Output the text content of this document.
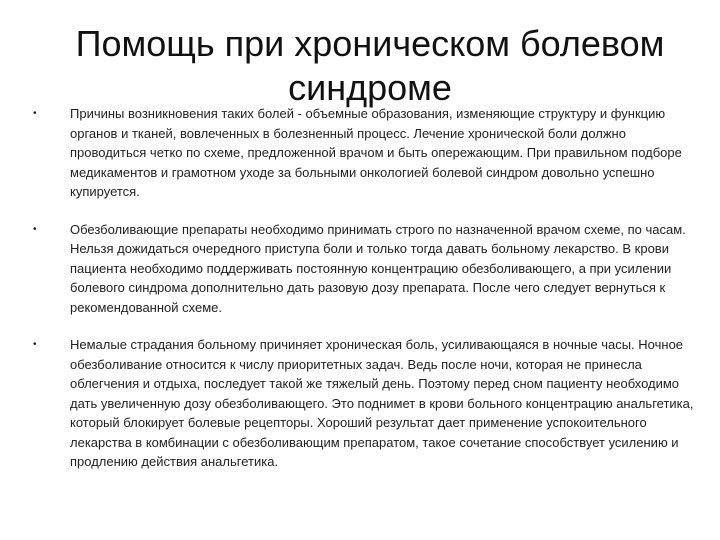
Помощь при хроническом болевом синдроме
•	Причины возникновения таких болей - объемные образования, изменяющие структуру и функцию органов и тканей, вовлеченных в болезненный процесс. Лечение хронической боли должно проводиться четко по схеме, предложенной врачом и быть опережающим. При правильном подборе медикаментов и грамотном уходе за больными онкологией болевой синдром довольно успешно купируется.
•	Обезболивающие препараты необходимо принимать строго по назначенной врачом схеме, по часам. Нельзя дожидаться очередного приступа боли и только тогда давать больному лекарство. В крови пациента необходимо поддерживать постоянную концентрацию обезболивающего, а при усилении болевого синдрома дополнительно дать разовую дозу препарата. После чего следует вернуться к рекомендованной схеме.
•	Немалые страдания больному причиняет хроническая боль, усиливающаяся в ночные часы. Ночное обезболивание относится к числу приоритетных задач. Ведь после ночи, которая не принесла облегчения и отдыха, последует такой же тяжелый день. Поэтому перед сном пациенту необходимо дать увеличенную дозу обезболивающего. Это поднимет в крови больного концентрацию анальгетика, который блокирует болевые рецепторы. Хороший результат дает применение успокоительного лекарства в комбинации с обезболивающим препаратом, такое сочетание способствует усилению и продлению действия анальгетика.
